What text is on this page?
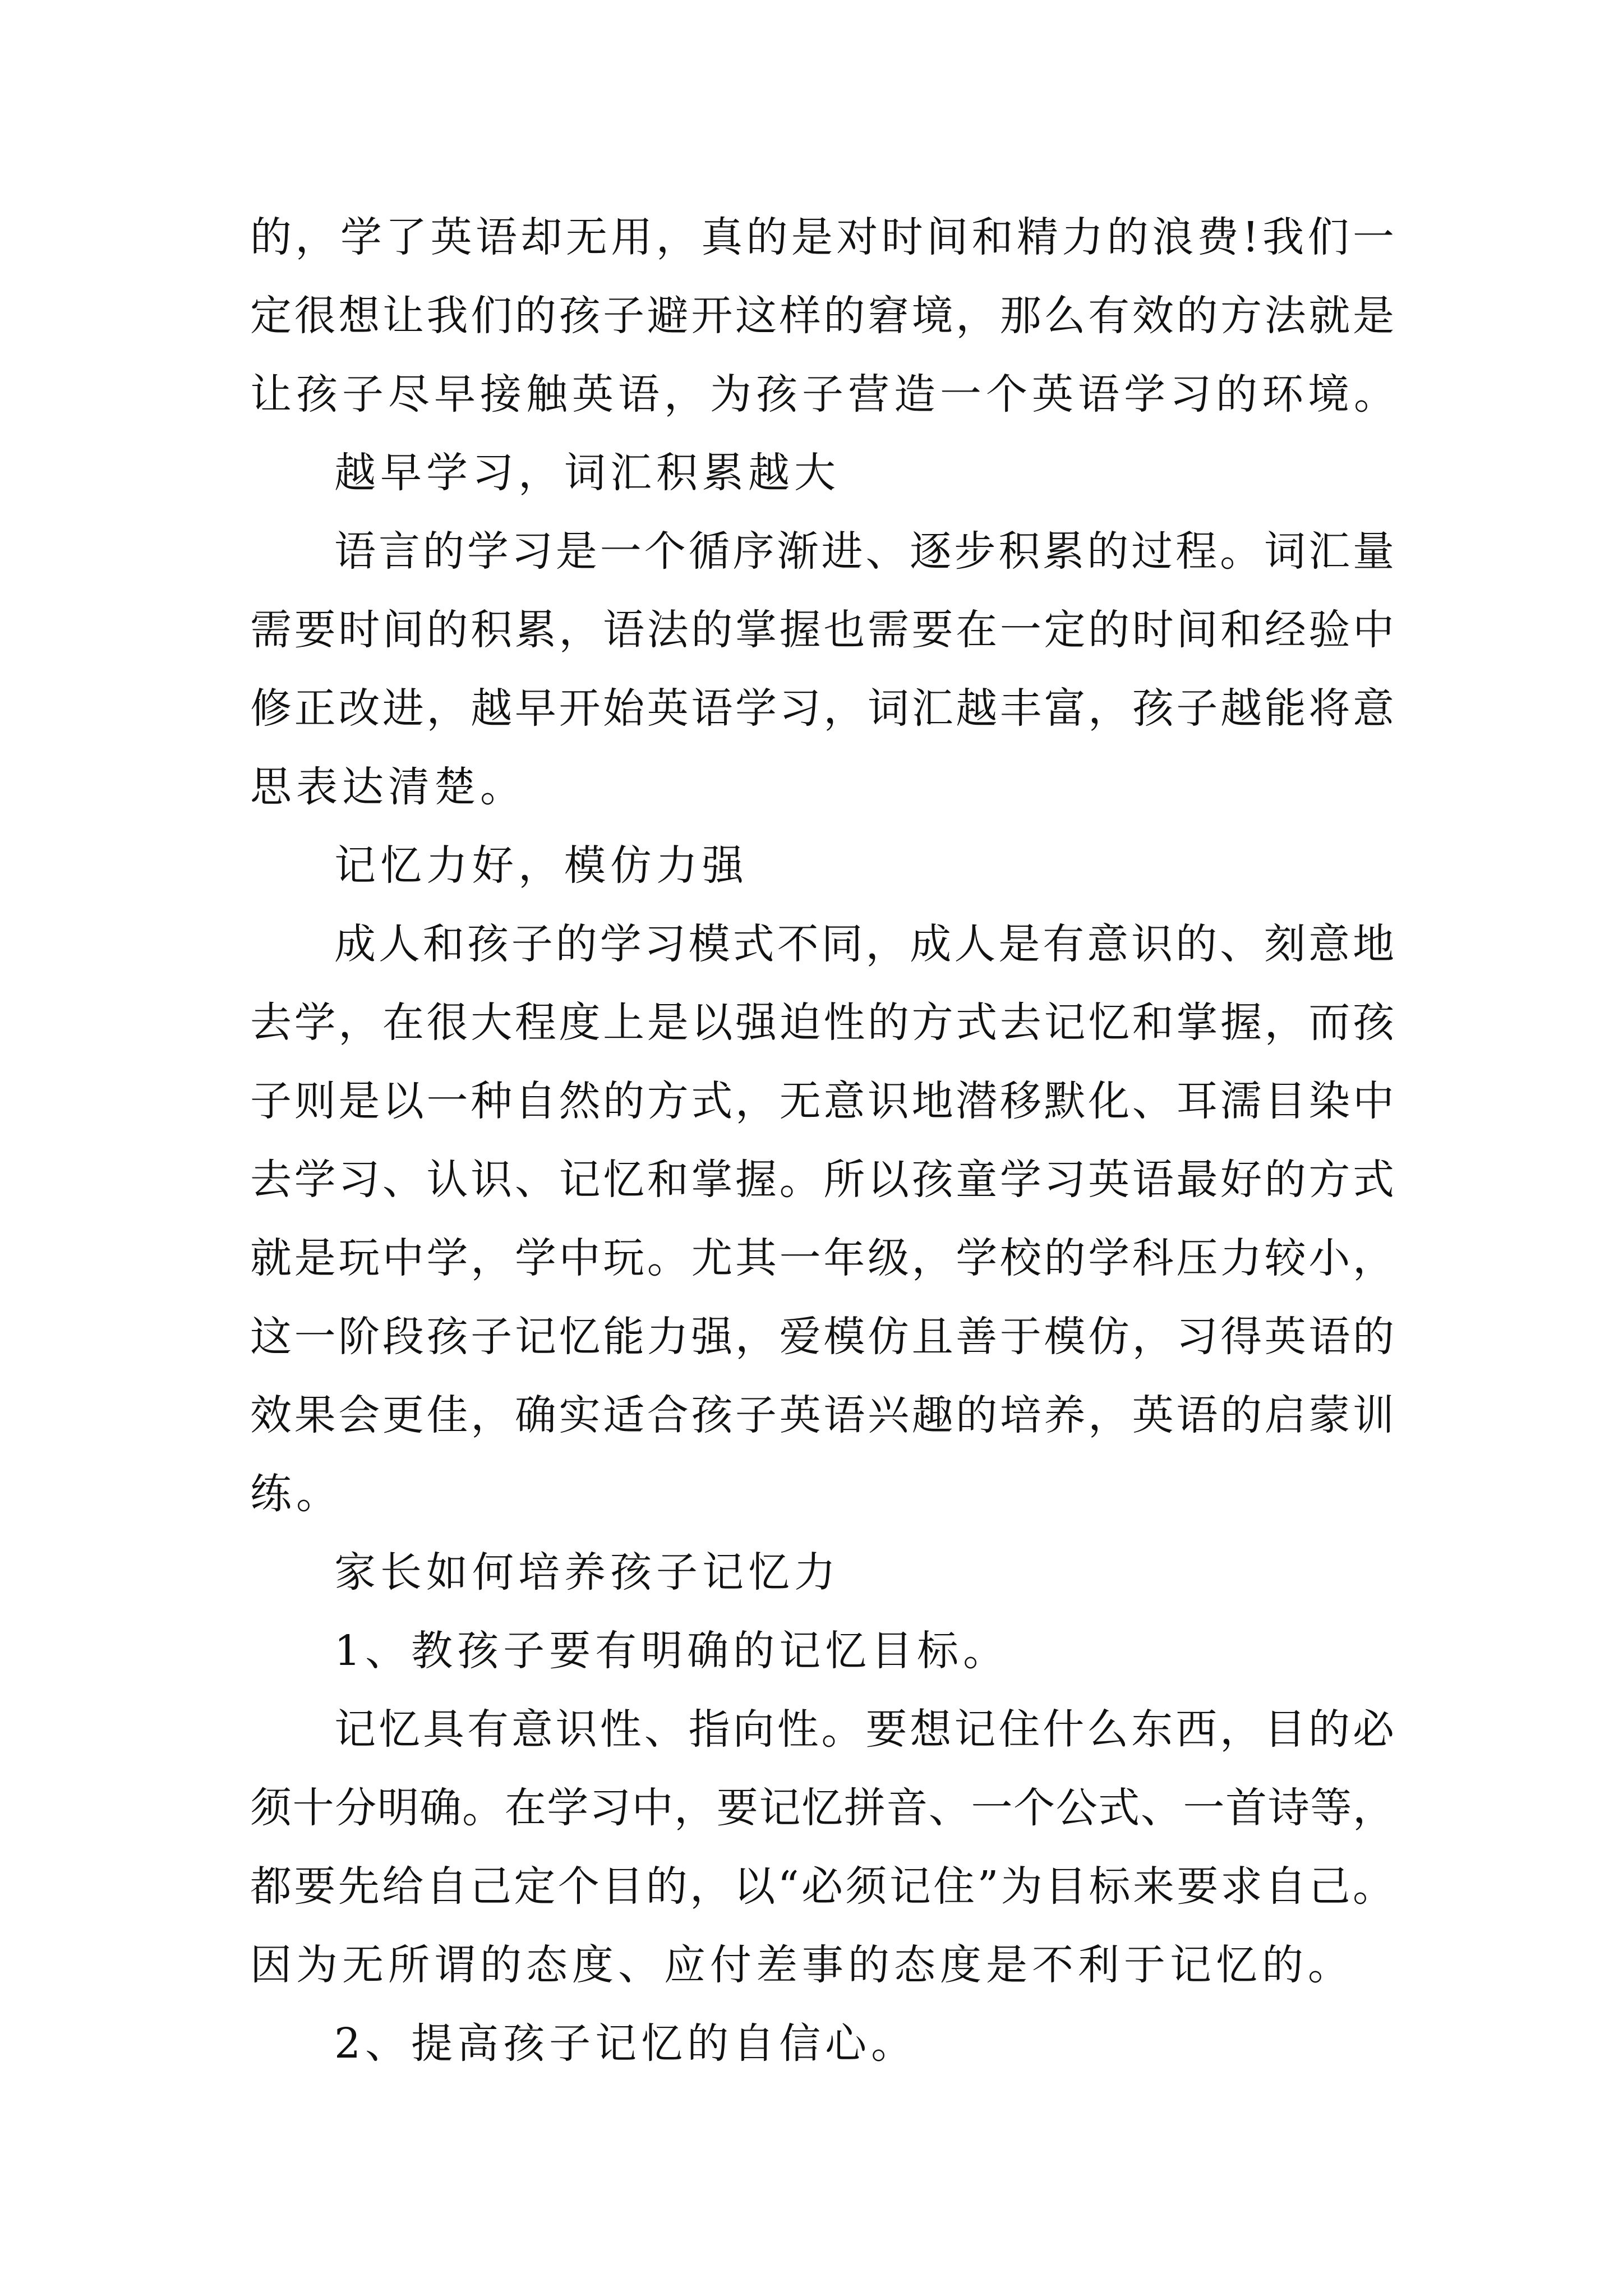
的，学了英语却无用，真的是对时间和精力的浪费!我们一
定很想让我们的孩子避开这样的窘境，那么有效的方法就是
让孩子尽早接触英语，为孩子营造一个英语学习的环境。
越早学习，词汇积累越大
语言的学习是一个循序渐进、逐步积累的过程。词汇量
需要时间的积累，语法的掌握也需要在一定的时间和经验中
修正改进，越早开始英语学习，词汇越丰富，孩子越能将意
思表达清楚。
记忆力好，模仿力强
成人和孩子的学习模式不同，成人是有意识的、刻意地
去学，在很大程度上是以强迫性的方式去记忆和掌握，而孩
子则是以一种自然的方式，无意识地潜移默化、耳濡目染中
去学习、认识、记忆和掌握。所以孩童学习英语最好的方式
就是玩中学，学中玩。尤其一年级，学校的学科压力较小，
这一阶段孩子记忆能力强，爱模仿且善于模仿，习得英语的
效果会更佳，确实适合孩子英语兴趣的培养，英语的启蒙训
练。
家长如何培养孩子记忆力
1、教孩子要有明确的记忆目标。
记忆具有意识性、指向性。要想记住什么东西，目的必
须十分明确。在学习中，要记忆拼音、一个公式、一首诗等，
都要先给自己定个目的，以“必须记住”为目标来要求自己。
因为无所谓的态度、应付差事的态度是不利于记忆的。
2、提高孩子记忆的自信心。
